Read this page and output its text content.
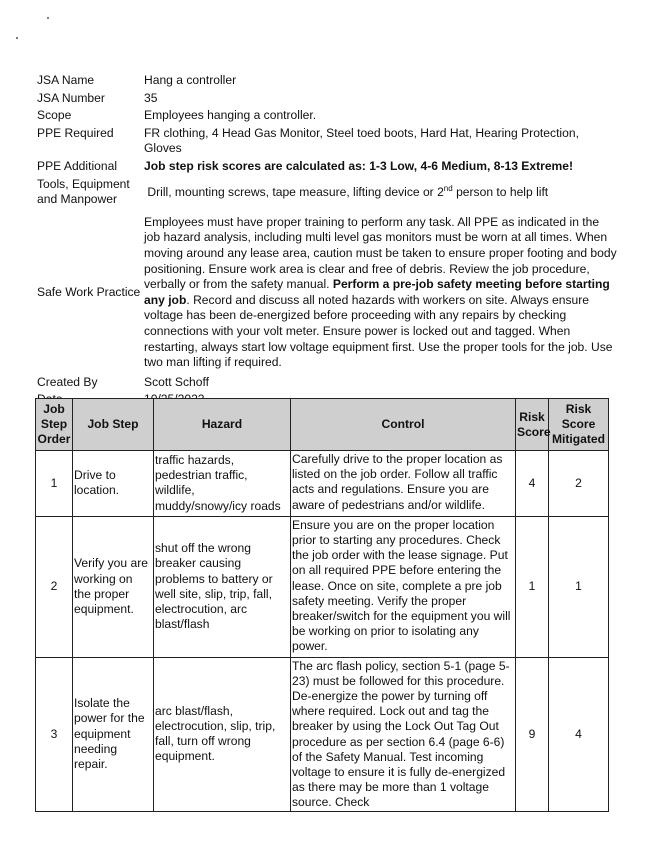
JSA Name	Hang a controller
JSA Number	35
Scope	Employees hanging a controller.
PPE Required	FR clothing, 4 Head Gas Monitor, Steel toed boots, Hard Hat, Hearing Protection, Gloves
PPE Additional	Job step risk scores are calculated as: 1-3 Low, 4-6 Medium, 8-13 Extreme!
Tools, Equipment
and Manpower	Drill, mounting screws, tape measure, lifting device or 2nd person to help lift
Safe Work Practice	Employees must have proper training to perform any task. All PPE as indicated in the job hazard analysis, including multi level gas monitors must be worn at all times. When moving around any lease area, caution must be taken to ensure proper footing and body positioning. Ensure work area is clear and free of debris. Review the job procedure, verbally or from the safety manual. Perform a pre-job safety meeting before starting any job. Record and discuss all noted hazards with workers on site. Always ensure voltage has been de-energized before proceeding with any repairs by checking connections with your volt meter. Ensure power is locked out and tagged. When restarting, always start low voltage equipment first. Use the proper tools for the job. Use two man lifting if required.
Created By	Scott Schoff

Job Step Order	Job Step	Hazard	Control	Risk Score	Risk Score Mitigated
1	Drive to location.	traffic hazards, pedestrian traffic, wildlife, muddy/snowy/icy roads	Carefully drive to the proper location as listed on the job order. Follow all traffic acts and regulations. Ensure you are aware of pedestrians and/or wildlife.	4	2
2	Verify you are working on the proper equipment.	shut off the wrong breaker causing problems to battery or well site, slip, trip, fall, electrocution, arc blast/flash	Ensure you are on the proper location prior to starting any procedures. Check the job order with the lease signage. Put on all required PPE before entering the lease. Once on site, complete a pre job safety meeting. Verify the proper breaker/switch for the equipment you will be working on prior to isolating any power.	1	1
3	Isolate the power for the equipment needing repair.	arc blast/flash, electrocution, slip, trip, fall, turn off wrong equipment.	The arc flash policy, section 5-1 (page 5-23) must be followed for this procedure. De-energize the power by turning off where required. Lock out and tag the breaker by using the Lock Out Tag Out procedure as per section 6.4 (page 6-6) of the Safety Manual. Test incoming voltage to ensure it is fully de-energized as there may be more than 1 voltage source. Check	9	4
